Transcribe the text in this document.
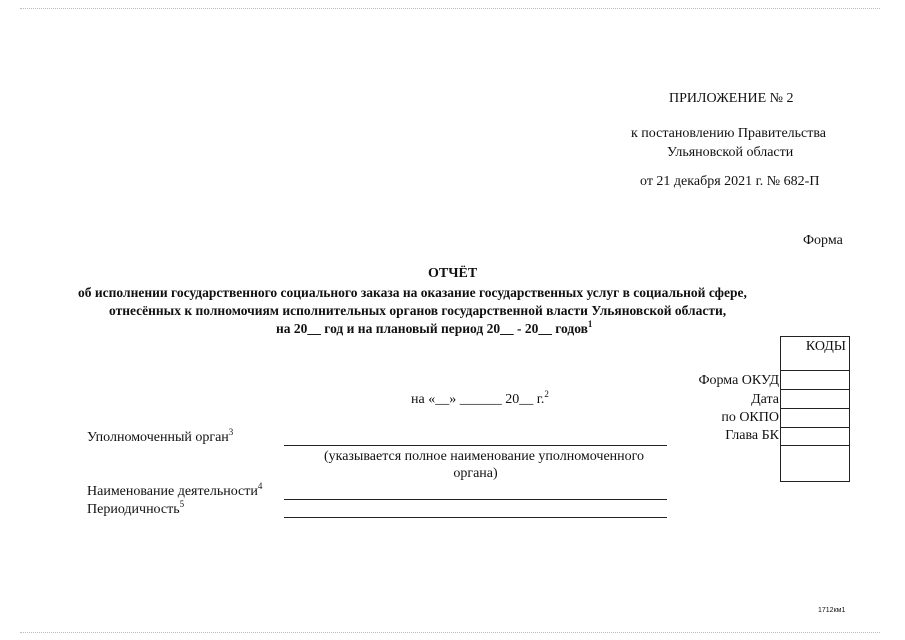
ПРИЛОЖЕНИЕ № 2
к постановлению Правительства
Ульяновской области
от 21 декабря 2021 г. № 682-П
Форма
ОТЧЁТ
об исполнении государственного социального заказа на оказание государственных услуг в социальной сфере,
отнесённых к полномочиям исполнительных органов государственной власти Ульяновской области,
на 20__ год и на плановый период 20__ - 20__ годов$^1$
на «__» ______ 20__ г.$^2$
КОДЫ
Форма ОКУД
Дата
по ОКПО
Глава БК
Уполномоченный орган$^3$
(указывается полное наименование уполномоченного
органа)
Наименование деятельности$^4$
Периодичность$^5$
1712км1
